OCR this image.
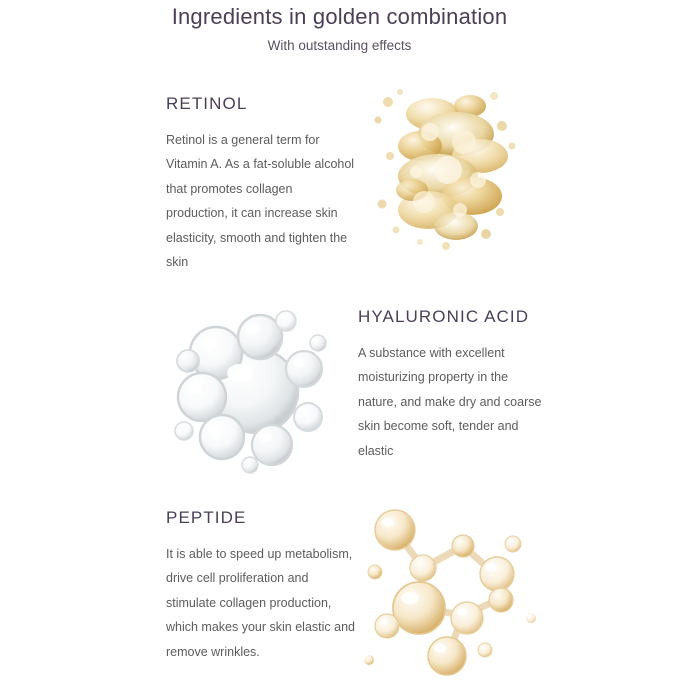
Ingredients in golden combination
With outstanding effects
RETINOL
Retinol is a general term for Vitamin A. As a fat-soluble alcohol that promotes collagen production, it can increase skin elasticity, smooth and tighten the skin
HYALURONIC ACID
A substance with excellent moisturizing property in the nature, and make dry and coarse skin become soft, tender and elastic
PEPTIDE
It is able to speed up metabolism, drive cell proliferation and stimulate collagen production, which makes your skin elastic and remove wrinkles.
